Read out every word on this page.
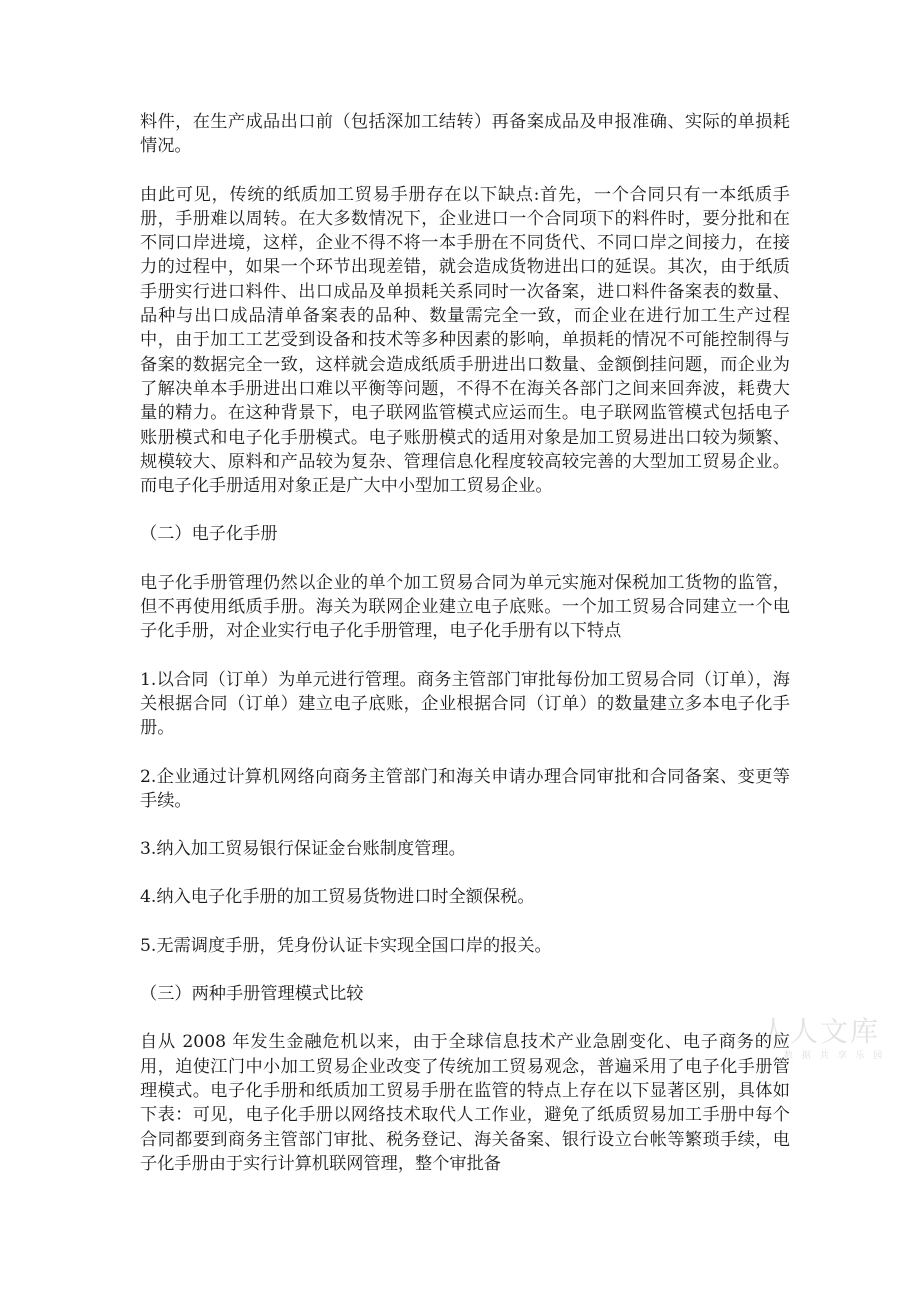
料件，在生产成品出口前（包括深加工结转）再备案成品及申报准确、实际的单损耗情况。

由此可见，传统的纸质加工贸易手册存在以下缺点:首先，一个合同只有一本纸质手册，手册难以周转。在大多数情况下，企业进口一个合同项下的料件时，要分批和在不同口岸进境，这样，企业不得不将一本手册在不同货代、不同口岸之间接力，在接力的过程中，如果一个环节出现差错，就会造成货物进出口的延误。其次，由于纸质手册实行进口料件、出口成品及单损耗关系同时一次备案，进口料件备案表的数量、品种与出口成品清单备案表的品种、数量需完全一致，而企业在进行加工生产过程中，由于加工工艺受到设备和技术等多种因素的影响，单损耗的情况不可能控制得与备案的数据完全一致，这样就会造成纸质手册进出口数量、金额倒挂问题，而企业为了解决单本手册进出口难以平衡等问题，不得不在海关各部门之间来回奔波，耗费大量的精力。在这种背景下，电子联网监管模式应运而生。电子联网监管模式包括电子账册模式和电子化手册模式。电子账册模式的适用对象是加工贸易进出口较为频繁、规模较大、原料和产品较为复杂、管理信息化程度较高较完善的大型加工贸易企业。而电子化手册适用对象正是广大中小型加工贸易企业。

（二）电子化手册

电子化手册管理仍然以企业的单个加工贸易合同为单元实施对保税加工货物的监管，但不再使用纸质手册。海关为联网企业建立电子底账。一个加工贸易合同建立一个电子化手册，对企业实行电子化手册管理，电子化手册有以下特点

1.以合同（订单）为单元进行管理。商务主管部门审批每份加工贸易合同（订单），海关根据合同（订单）建立电子底账，企业根据合同（订单）的数量建立多本电子化手册。

2.企业通过计算机网络向商务主管部门和海关申请办理合同审批和合同备案、变更等手续。

3.纳入加工贸易银行保证金台账制度管理。

4.纳入电子化手册的加工贸易货物进口时全额保税。

5.无需调度手册，凭身份认证卡实现全国口岸的报关。

（三）两种手册管理模式比较

自从 2008 年发生金融危机以来，由于全球信息技术产业急剧变化、电子商务的应用，迫使江门中小加工贸易企业改变了传统加工贸易观念，普遍采用了电子化手册管理模式。电子化手册和纸质加工贸易手册在监管的特点上存在以下显著区别，具体如下表：可见，电子化手册以网络技术取代人工作业，避免了纸质贸易加工手册中每个合同都要到商务主管部门审批、税务登记、海关备案、银行设立台帐等繁琐手续，电子化手册由于实行计算机联网管理，整个审批备

人人文库
数 据 共 享 乐 园
